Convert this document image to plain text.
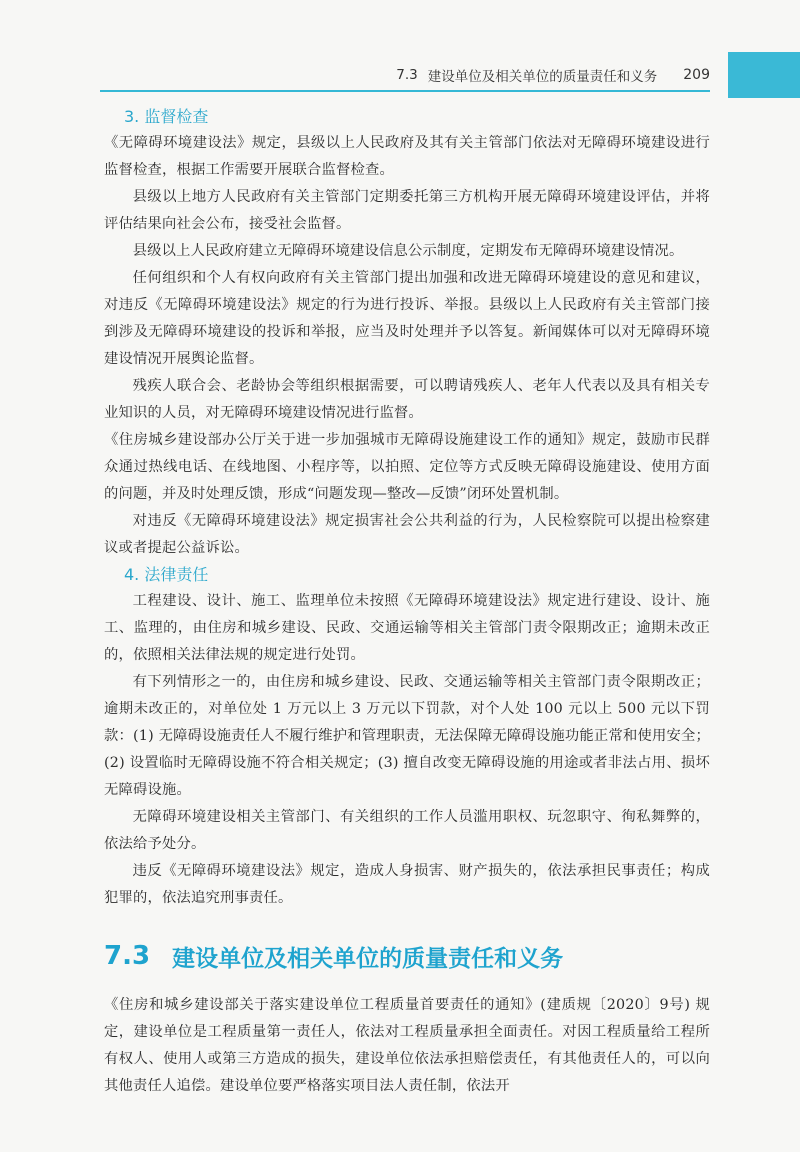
7.3 建设单位及相关单位的质量责任和义务 209
3. 监督检查

《无障碍环境建设法》规定，县级以上人民政府及其有关主管部门依法对无障碍环境建设进行监督检查，根据工作需要开展联合监督检查。

县级以上地方人民政府有关主管部门定期委托第三方机构开展无障碍环境建设评估，并将评估结果向社会公布，接受社会监督。

县级以上人民政府建立无障碍环境建设信息公示制度，定期发布无障碍环境建设情况。

任何组织和个人有权向政府有关主管部门提出加强和改进无障碍环境建设的意见和建议，对违反《无障碍环境建设法》规定的行为进行投诉、举报。县级以上人民政府有关主管部门接到涉及无障碍环境建设的投诉和举报，应当及时处理并予以答复。新闻媒体可以对无障碍环境建设情况开展舆论监督。

残疾人联合会、老龄协会等组织根据需要，可以聘请残疾人、老年人代表以及具有相关专业知识的人员，对无障碍环境建设情况进行监督。

《住房城乡建设部办公厅关于进一步加强城市无障碍设施建设工作的通知》规定，鼓励市民群众通过热线电话、在线地图、小程序等，以拍照、定位等方式反映无障碍设施建设、使用方面的问题，并及时处理反馈，形成“问题发现—整改—反馈”闭环处置机制。

对违反《无障碍环境建设法》规定损害社会公共利益的行为，人民检察院可以提出检察建议或者提起公益诉讼。

4. 法律责任

工程建设、设计、施工、监理单位未按照《无障碍环境建设法》规定进行建设、设计、施工、监理的，由住房和城乡建设、民政、交通运输等相关主管部门责令限期改正；逾期未改正的，依照相关法律法规的规定进行处罚。

有下列情形之一的，由住房和城乡建设、民政、交通运输等相关主管部门责令限期改正；逾期未改正的，对单位处 1 万元以上 3 万元以下罚款，对个人处 100 元以上 500 元以下罚款：(1) 无障碍设施责任人不履行维护和管理职责，无法保障无障碍设施功能正常和使用安全；(2) 设置临时无障碍设施不符合相关规定；(3) 擅自改变无障碍设施的用途或者非法占用、损坏无障碍设施。

无障碍环境建设相关主管部门、有关组织的工作人员滥用职权、玩忽职守、徇私舞弊的，依法给予处分。

违反《无障碍环境建设法》规定，造成人身损害、财产损失的，依法承担民事责任；构成犯罪的，依法追究刑事责任。

7.3 建设单位及相关单位的质量责任和义务

《住房和城乡建设部关于落实建设单位工程质量首要责任的通知》(建质规〔2020〕9号) 规定，建设单位是工程质量第一责任人，依法对工程质量承担全面责任。对因工程质量给工程所有权人、使用人或第三方造成的损失，建设单位依法承担赔偿责任，有其他责任人的，可以向其他责任人追偿。建设单位要严格落实项目法人责任制，依法开
